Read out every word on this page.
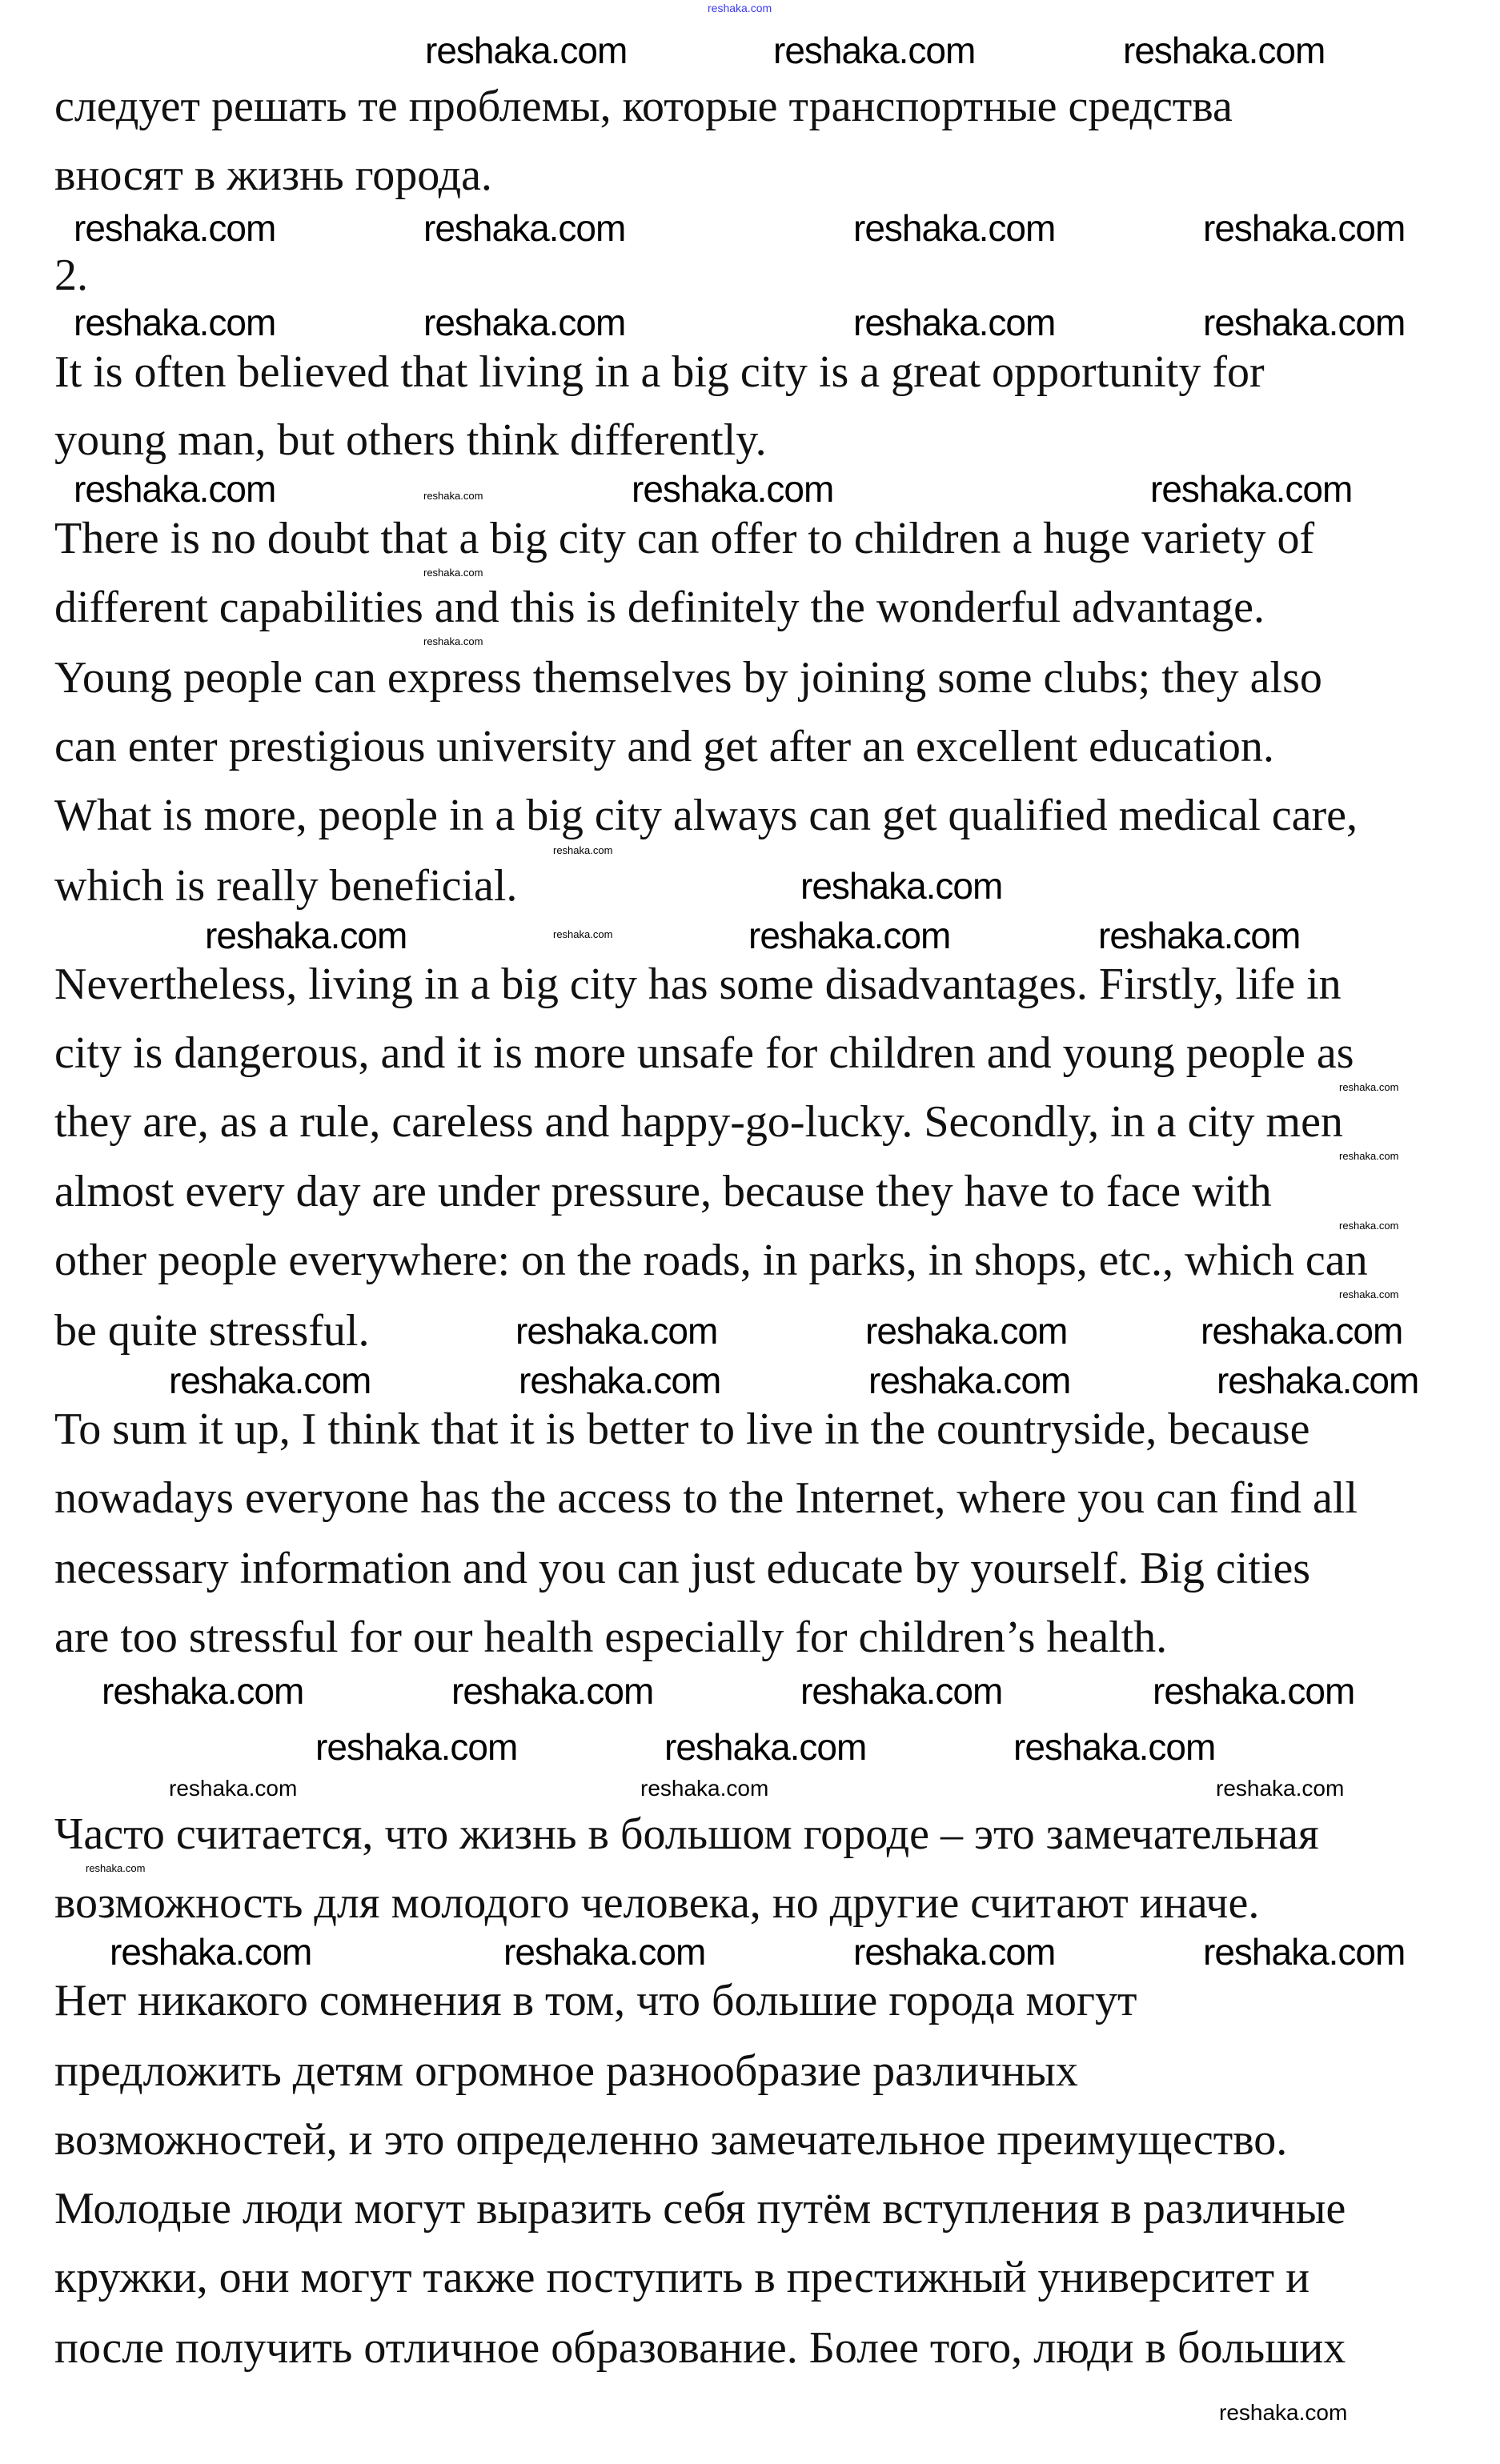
reshaka.com
следует решать те проблемы, которые транспортные средства
вносят в жизнь города.
2.
It is often believed that living in a big city is a great opportunity for
young man, but others think differently.
There is no doubt that a big city can offer to children a huge variety of
different capabilities and this is definitely the wonderful advantage.
Young people can express themselves by joining some clubs; they also
can enter prestigious university and get after an excellent education.
What is more, people in a big city always can get qualified medical care,
which is really beneficial.
Nevertheless, living in a big city has some disadvantages. Firstly, life in
city is dangerous, and it is more unsafe for children and young people as
they are, as a rule, careless and happy-go-lucky. Secondly, in a city men
almost every day are under pressure, because they have to face with
other people everywhere: on the roads, in parks, in shops, etc., which can
be quite stressful.
To sum it up, I think that it is better to live in the countryside, because
nowadays everyone has the access to the Internet, where you can find all
necessary information and you can just educate by yourself. Big cities
are too stressful for our health especially for children’s health.
Часто считается, что жизнь в большом городе – это замечательная
возможность для молодого человека, но другие считают иначе.
Нет никакого сомнения в том, что большие города могут
предложить детям огромное разнообразие различных
возможностей, и это определенно замечательное преимущество.
Молодые люди могут выразить себя путём вступления в различные
кружки, они могут также поступить в престижный университет и
после получить отличное образование. Более того, люди в больших
reshaka.com	reshaka.com	reshaka.com
reshaka.com	reshaka.com	reshaka.com	reshaka.com
reshaka.com	reshaka.com	reshaka.com	reshaka.com
reshaka.com	reshaka.com	reshaka.com
reshaka.com
reshaka.com	reshaka.com	reshaka.com
reshaka.com	reshaka.com	reshaka.com
reshaka.com	reshaka.com	reshaka.com	reshaka.com
reshaka.com	reshaka.com	reshaka.com	reshaka.com
reshaka.com	reshaka.com	reshaka.com
reshaka.com	reshaka.com	reshaka.com	reshaka.com
reshaka.com	reshaka.com	reshaka.com
reshaka.com
reshaka.com
reshaka.com
reshaka.com
reshaka.com
reshaka.com
reshaka.com
reshaka.com
reshaka.com
reshaka.com
reshaka.com
